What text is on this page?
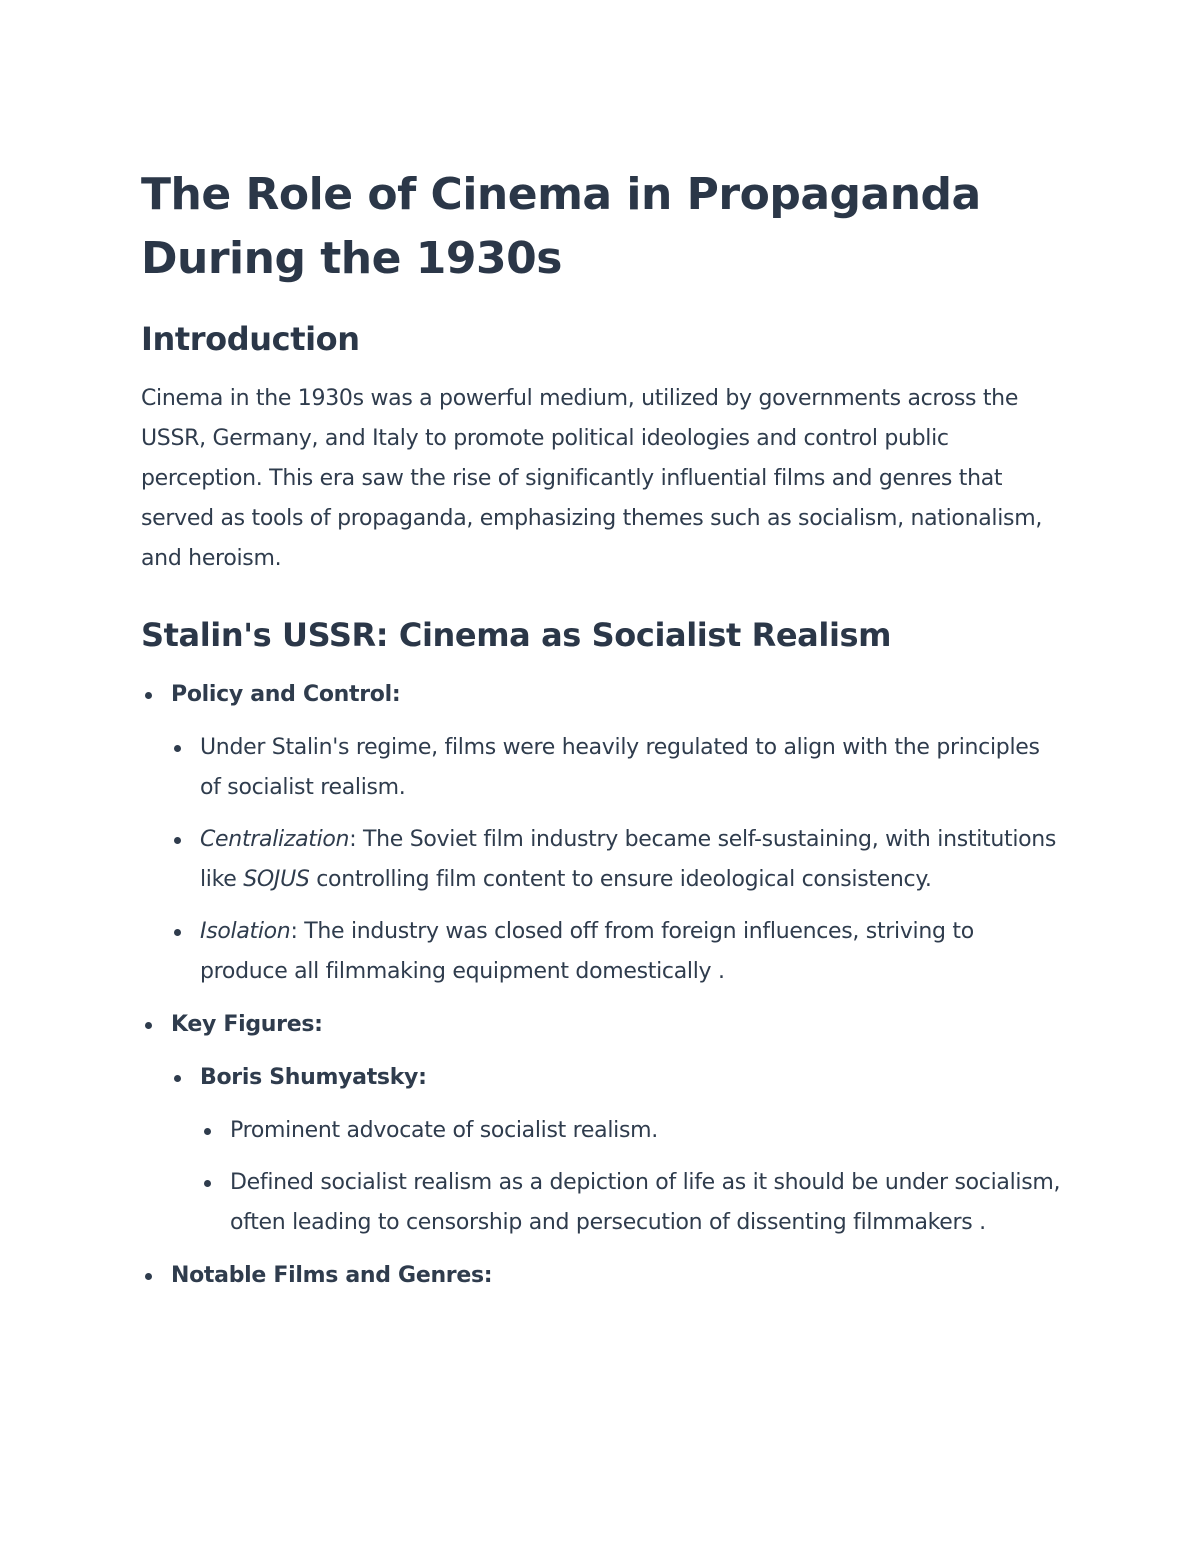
The Role of Cinema in Propaganda During the 1930s
Introduction

Cinema in the 1930s was a powerful medium, utilized by governments across the USSR, Germany, and Italy to promote political ideologies and control public perception. This era saw the rise of significantly influential films and genres that served as tools of propaganda, emphasizing themes such as socialism, nationalism, and heroism.

Stalin's USSR: Cinema as Socialist Realism
Policy and Control:
Under Stalin's regime, films were heavily regulated to align with the principles of socialist realism.
Centralization: The Soviet film industry became self-sustaining, with institutions like SOJUS controlling film content to ensure ideological consistency.
Isolation: The industry was closed off from foreign influences, striving to produce all filmmaking equipment domestically .
Key Figures:
Boris Shumyatsky:
Prominent advocate of socialist realism.
Defined socialist realism as a depiction of life as it should be under socialism, often leading to censorship and persecution of dissenting filmmakers .
Notable Films and Genres:
